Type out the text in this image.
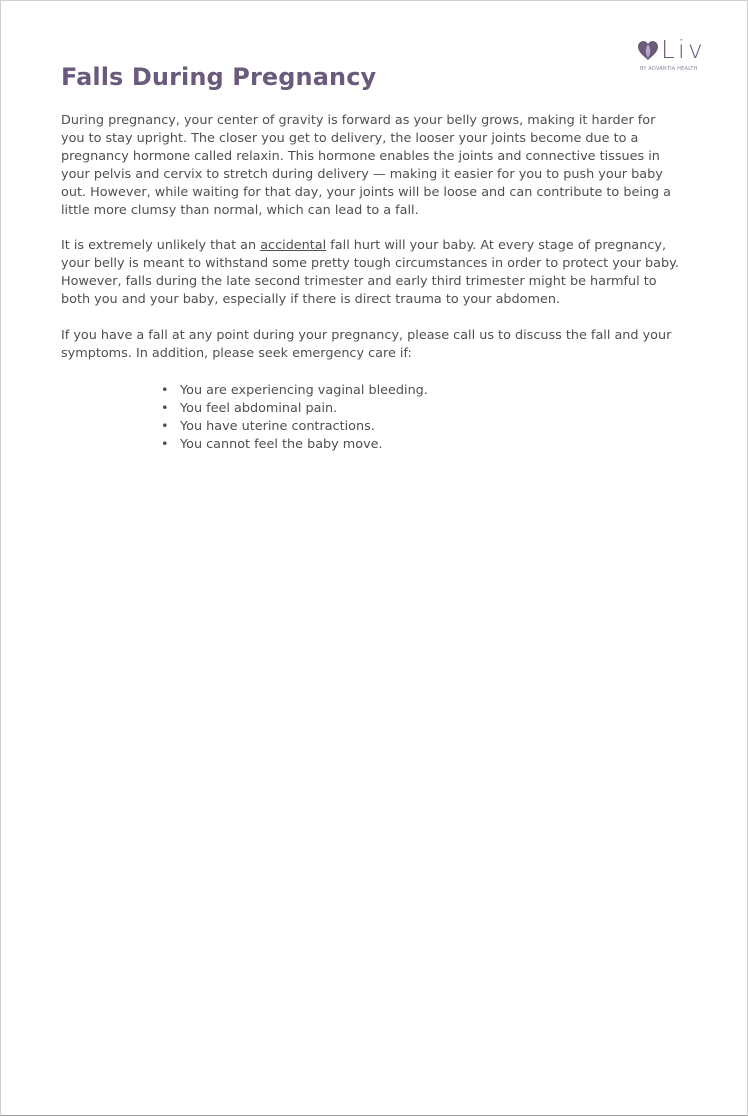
Liv
BY ADVANTIA HEALTH
Falls During Pregnancy

During pregnancy, your center of gravity is forward as your belly grows, making it harder for
you to stay upright. The closer you get to delivery, the looser your joints become due to a
pregnancy hormone called relaxin. This hormone enables the joints and connective tissues in
your pelvis and cervix to stretch during delivery — making it easier for you to push your baby
out. However, while waiting for that day, your joints will be loose and can contribute to being a
little more clumsy than normal, which can lead to a fall.

It is extremely unlikely that an accidental fall hurt will your baby. At every stage of pregnancy,
your belly is meant to withstand some pretty tough circumstances in order to protect your baby.
However, falls during the late second trimester and early third trimester might be harmful to
both you and your baby, especially if there is direct trauma to your abdomen.

If you have a fall at any point during your pregnancy, please call us to discuss the fall and your
symptoms. In addition, please seek emergency care if:

• You are experiencing vaginal bleeding.
• You feel abdominal pain.
• You have uterine contractions.
• You cannot feel the baby move.
